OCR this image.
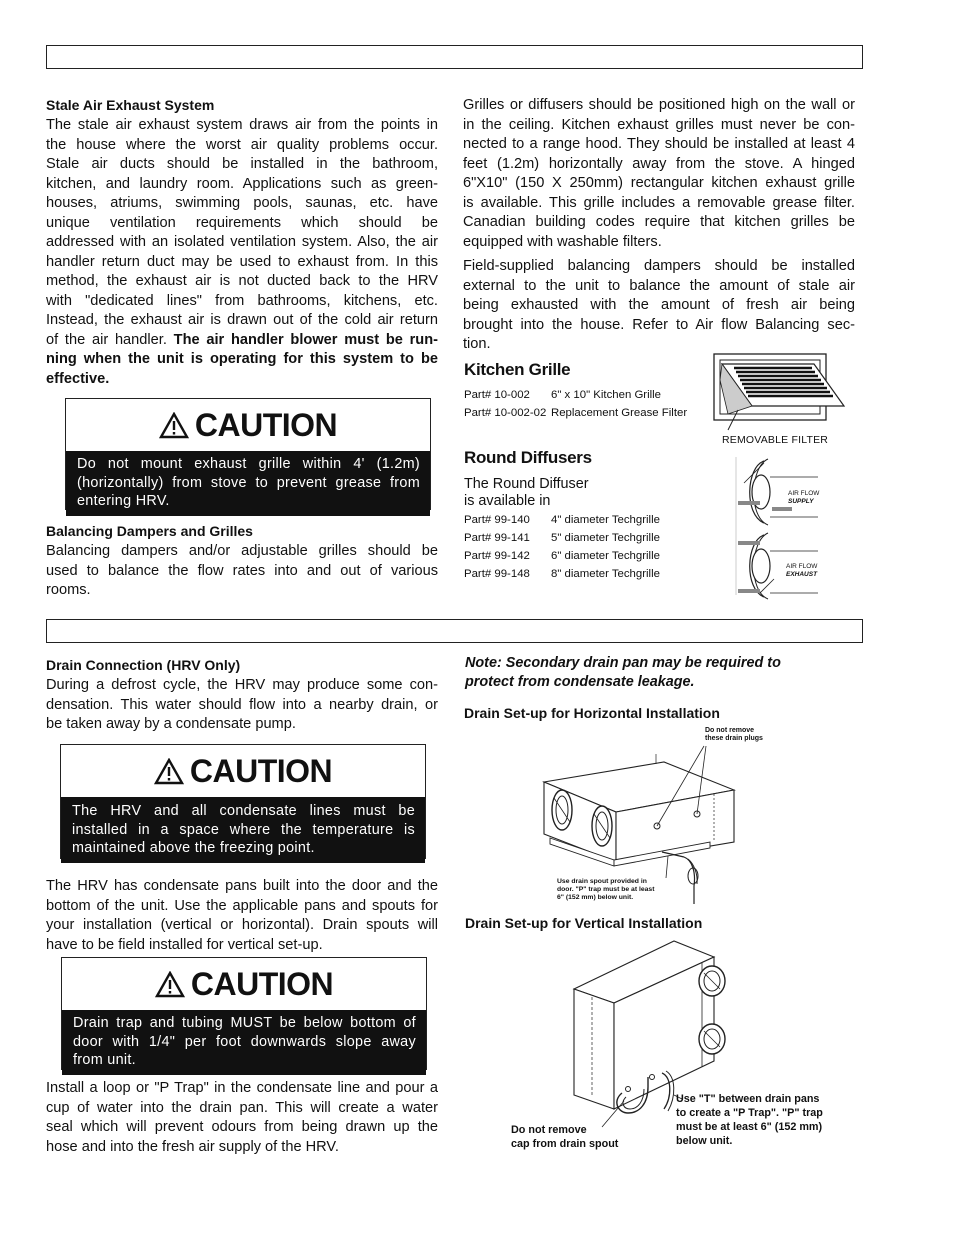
Stale Air Exhaust System
The stale air exhaust system draws air from the points in
the house where the worst air quality problems occur.
Stale air ducts should be installed in the bathroom,
kitchen, and laundry room. Applications such as green-
houses, atriums, swimming pools, saunas, etc. have
unique ventilation requirements which should be
addressed with an isolated ventilation system. Also, the air
handler return duct may be used to exhaust from. In this
method, the exhaust air is not ducted back to the HRV
with "dedicated lines" from bathrooms, kitchens, etc.
Instead, the exhaust air is drawn out of the cold air return
of the air handler. The air handler blower must be run-
ning when the unit is operating for this system to be
effective.
CAUTION
Do not mount exhaust grille within 4' (1.2m)
(horizontally) from stove to prevent grease from
entering HRV.
Balancing Dampers and Grilles
Balancing dampers and/or adjustable grilles should be
used to balance the flow rates into and out of various
rooms.
Grilles or diffusers should be positioned high on the wall or
in the ceiling. Kitchen exhaust grilles must never be con-
nected to a range hood. They should be installed at least 4
feet (1.2m) horizontally away from the stove. A hinged
6"X10" (150 X 250mm) rectangular kitchen exhaust grille
is available. This grille includes a removable grease filter.
Canadian building codes require that kitchen grilles be
equipped with washable filters.
Field-supplied balancing dampers should be installed
external to the unit to balance the amount of stale air
being exhausted with the amount of fresh air being
brought into the house. Refer to Air flow Balancing sec-
tion.
Kitchen Grille
Part# 10-002	6" x 10" Kitchen Grille
Part# 10-002-02 Replacement Grease Filter
REMOVABLE FILTER
Round Diffusers
The Round Diffuser
is available in
Part# 99-140	4" diameter Techgrille
Part# 99-141	5" diameter Techgrille
Part# 99-142	6" diameter Techgrille
Part# 99-148	8" diameter Techgrille
AIR FLOW
SUPPLY
AIR FLOW
EXHAUST
Drain Connection (HRV Only)
During a defrost cycle, the HRV may produce some con-
densation. This water should flow into a nearby drain, or
be taken away by a condensate pump.
CAUTION
The HRV and all condensate lines must be
installed in a space where the temperature is
maintained above the freezing point.
The HRV has condensate pans built into the door and the
bottom of the unit. Use the applicable pans and spouts for
your installation (vertical or horizontal). Drain spouts will
have to be field installed for vertical set-up.
CAUTION
Drain trap and tubing MUST be below bottom of
door with 1/4" per foot downwards slope away
from unit.
Install a loop or "P Trap" in the condensate line and pour a
cup of water into the drain pan. This will create a water
seal which will prevent odours from being drawn up the
hose and into the fresh air supply of the HRV.
Note: Secondary drain pan may be required to
protect from condensate leakage.
Drain Set-up for Horizontal Installation
Do not remove
these drain plugs
Use drain spout provided in
door. "P" trap must be at least
6" (152 mm) below unit.
Drain Set-up for Vertical Installation
Do not remove
cap from drain spout
Use "T" between drain pans
to create a "P Trap". "P" trap
must be at least 6" (152 mm)
below unit.
